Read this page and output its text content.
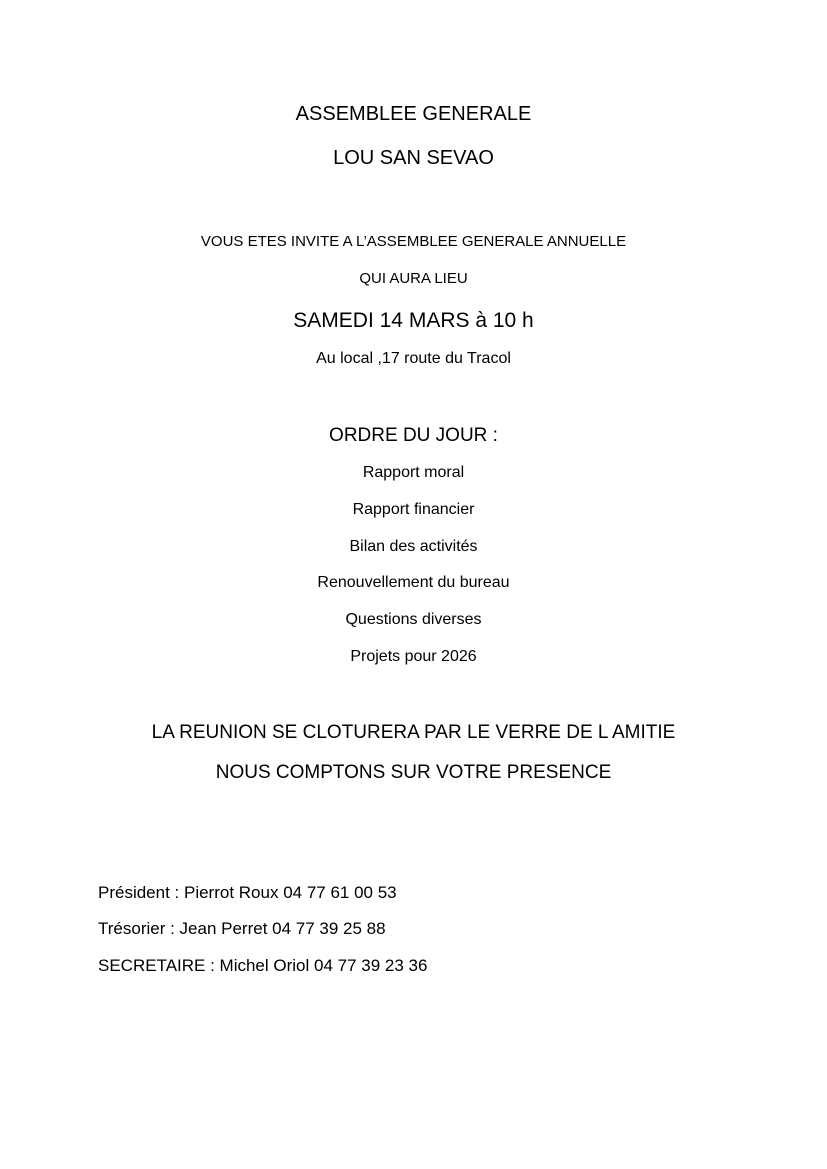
ASSEMBLEE GENERALE
LOU SAN SEVAO
VOUS ETES INVITE A L’ASSEMBLEE GENERALE ANNUELLE
QUI AURA LIEU
SAMEDI 14 MARS à 10 h
Au local ,17 route du Tracol
ORDRE DU JOUR :
Rapport moral
Rapport financier
Bilan des activités
Renouvellement du bureau
Questions diverses
Projets pour 2026
LA REUNION SE CLOTURERA PAR LE VERRE DE L AMITIE
NOUS COMPTONS SUR VOTRE PRESENCE
Président : Pierrot Roux 04 77 61 00 53
Trésorier : Jean Perret 04 77 39 25 88
SECRETAIRE : Michel Oriol 04 77 39 23 36
